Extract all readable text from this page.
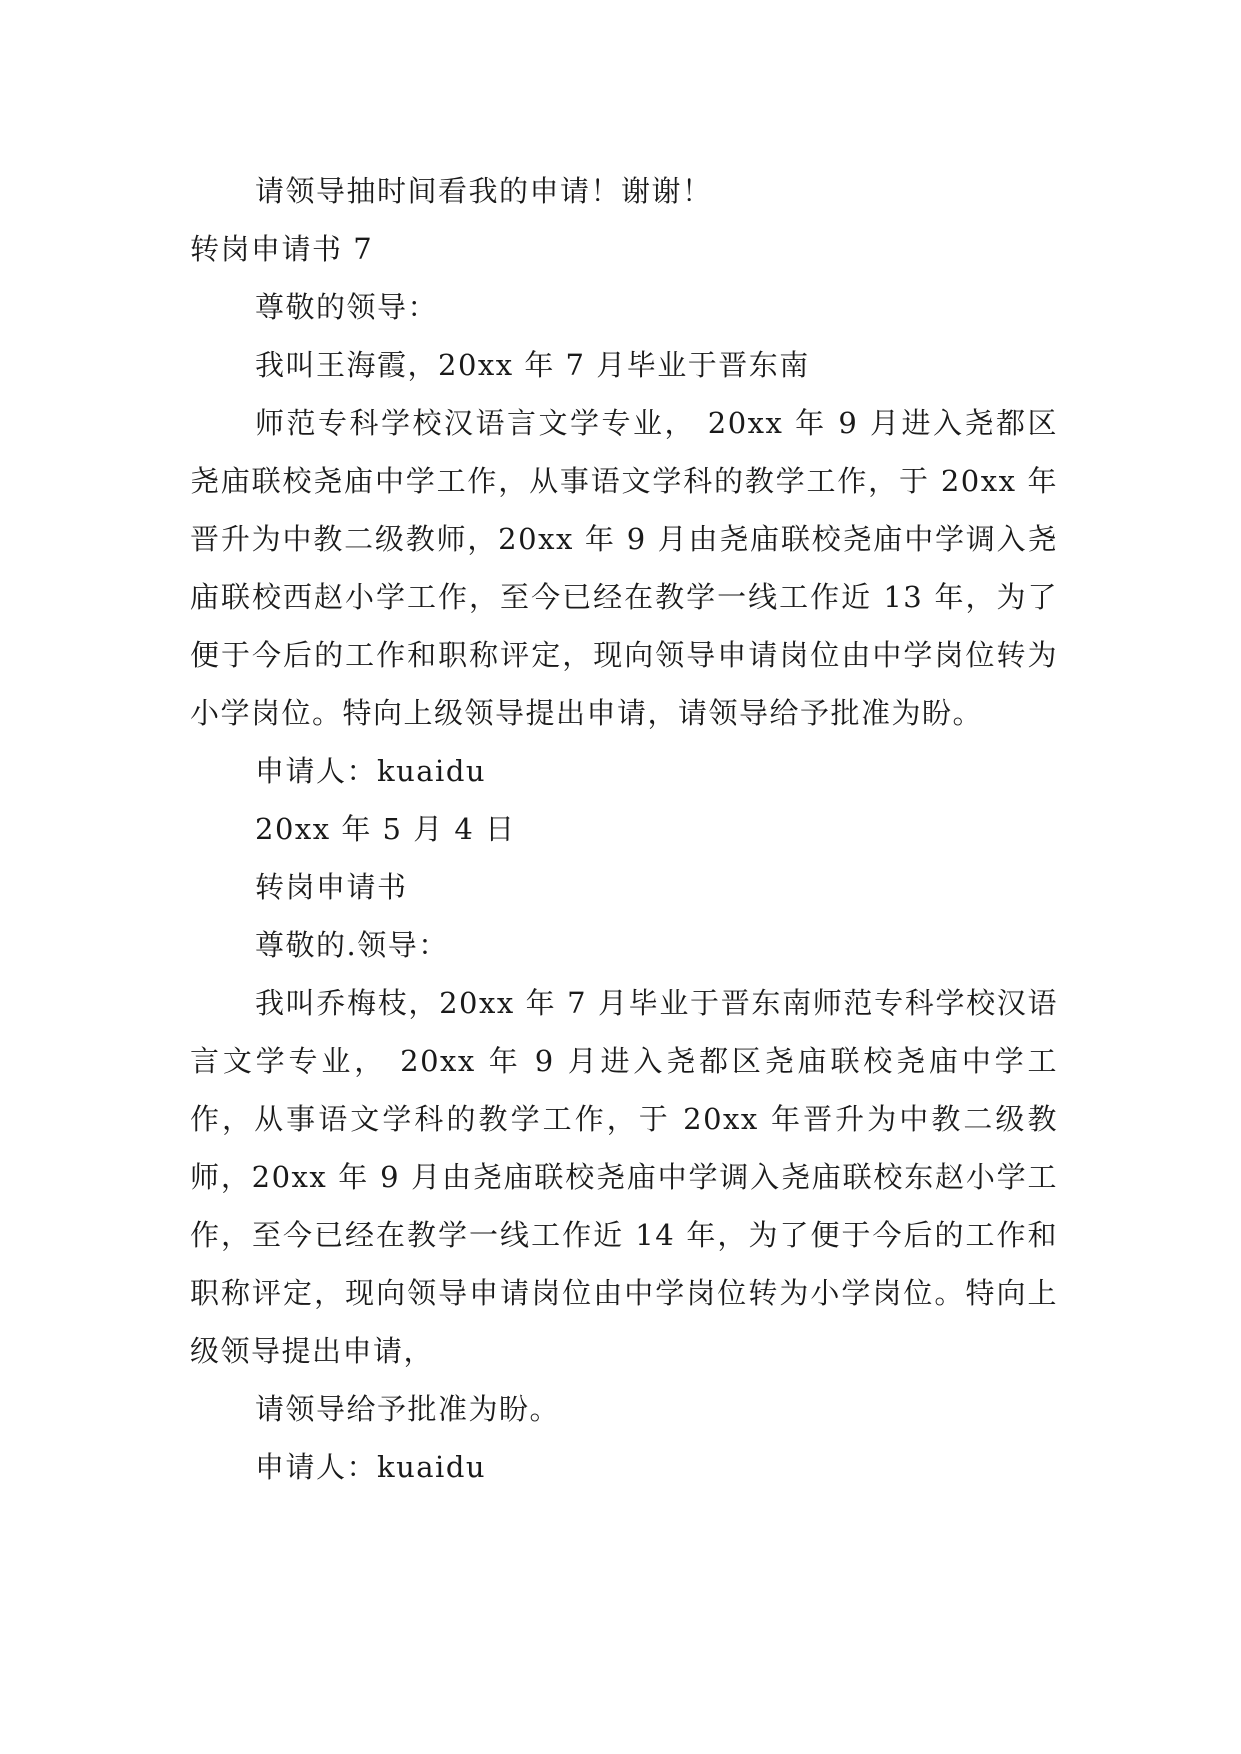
请领导抽时间看我的申请！谢谢！

转岗申请书 7

尊敬的领导：

我叫王海霞，20xx 年 7 月毕业于晋东南

师范专科学校汉语言文学专业， 20xx 年 9 月进入尧都区尧庙联校尧庙中学工作，从事语文学科的教学工作，于 20xx 年晋升为中教二级教师，20xx 年 9 月由尧庙联校尧庙中学调入尧庙联校西赵小学工作，至今已经在教学一线工作近 13 年，为了便于今后的工作和职称评定，现向领导申请岗位由中学岗位转为小学岗位。特向上级领导提出申请，请领导给予批准为盼。

申请人：kuaidu

20xx 年 5 月 4 日

转岗申请书

尊敬的.领导：

我叫乔梅枝，20xx 年 7 月毕业于晋东南师范专科学校汉语言文学专业， 20xx 年 9 月进入尧都区尧庙联校尧庙中学工作，从事语文学科的教学工作，于 20xx 年晋升为中教二级教师，20xx 年 9 月由尧庙联校尧庙中学调入尧庙联校东赵小学工作，至今已经在教学一线工作近 14 年，为了便于今后的工作和职称评定，现向领导申请岗位由中学岗位转为小学岗位。特向上级领导提出申请，

请领导给予批准为盼。

申请人：kuaidu
